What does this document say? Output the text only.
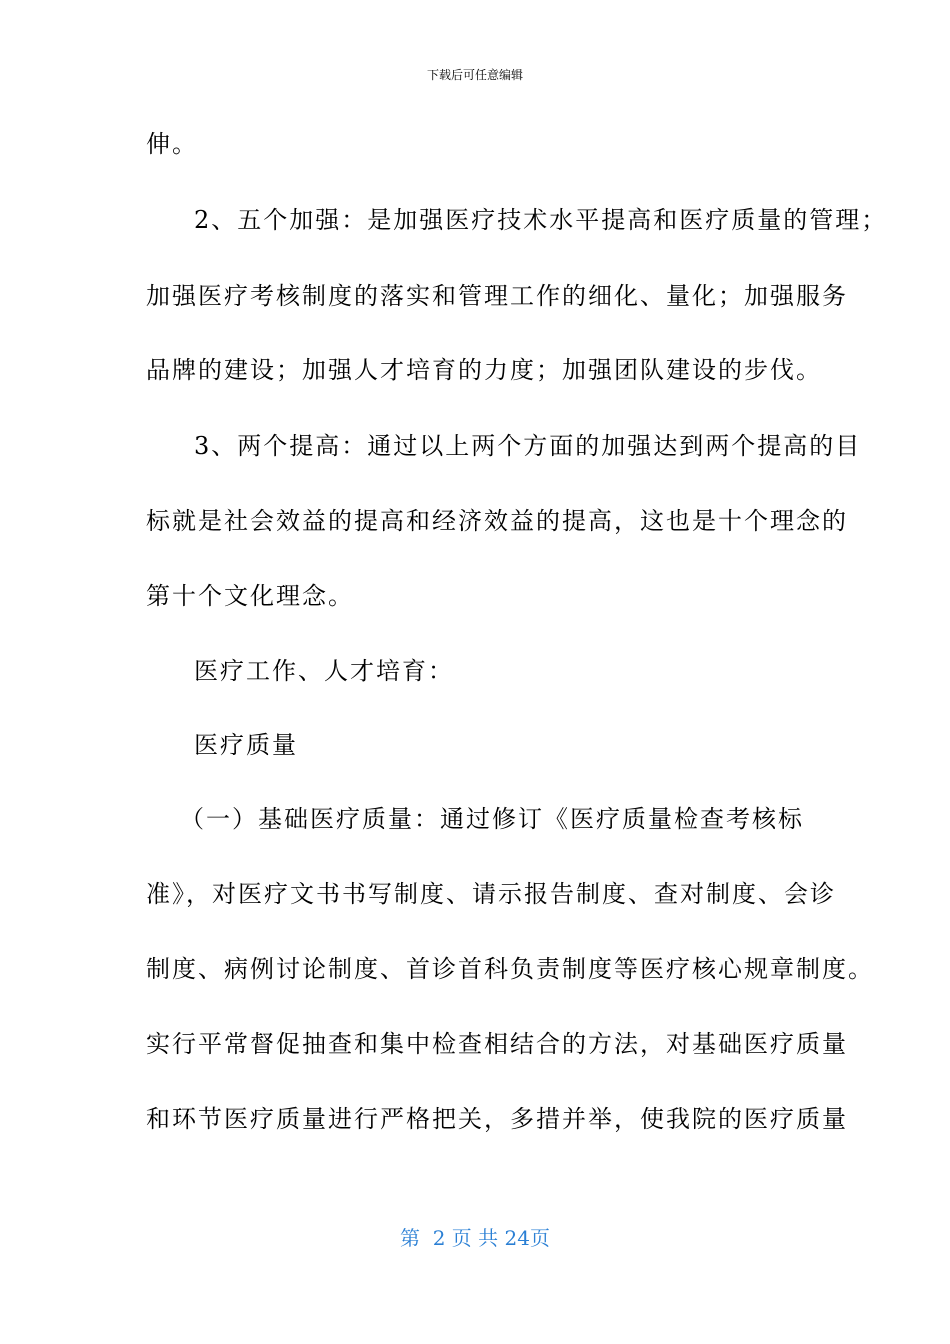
下载后可任意编辑
伸。
2、五个加强：是加强医疗技术水平提高和医疗质量的管理；
加强医疗考核制度的落实和管理工作的细化、量化；加强服务
品牌的建设；加强人才培育的力度；加强团队建设的步伐。
3、两个提高：通过以上两个方面的加强达到两个提高的目
标就是社会效益的提高和经济效益的提高，这也是十个理念的
第十个文化理念。
医疗工作、人才培育：
医疗质量
（一）基础医疗质量：通过修订《医疗质量检查考核标
准》，对医疗文书书写制度、请示报告制度、查对制度、会诊
制度、病例讨论制度、首诊首科负责制度等医疗核心规章制度。
实行平常督促抽查和集中检查相结合的方法，对基础医疗质量
和环节医疗质量进行严格把关，多措并举，使我院的医疗质量
第  2 页 共 24页
